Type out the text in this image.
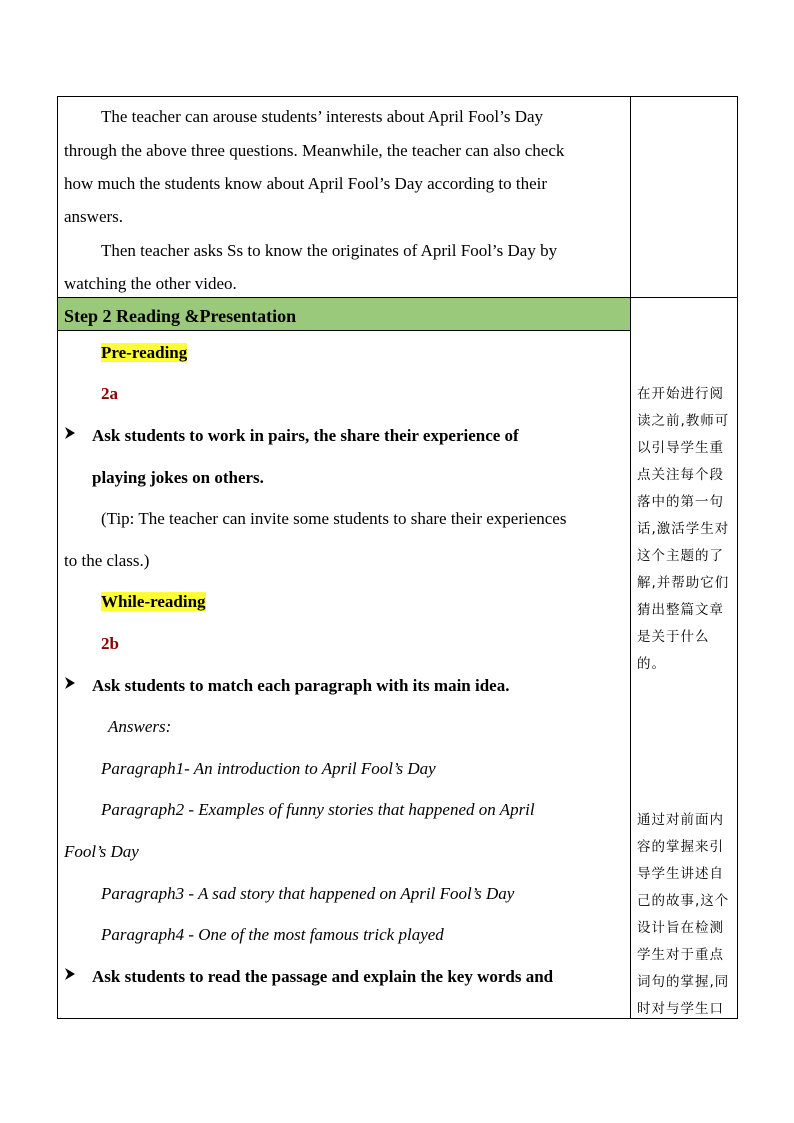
The teacher can arouse students’ interests about April Fool’s Day
through the above three questions. Meanwhile, the teacher can also check
how much the students know about April Fool’s Day according to their
answers.
Then teacher asks Ss to know the originates of April Fool’s Day by
watching the other video.
Step 2 Reading &Presentation
Pre-reading
2a
Ask students to work in pairs, the share their experience of
playing jokes on others.
(Tip: The teacher can invite some students to share their experiences
to the class.)
While-reading
2b
Ask students to match each paragraph with its main idea.
Answers:
Paragraph1- An introduction to April Fool’s Day
Paragraph2 - Examples of funny stories that happened on April
Fool’s Day
Paragraph3 - A sad story that happened on April Fool’s Day
Paragraph4 - One of the most famous trick played
Ask students to read the passage and explain the key words and
在开始进行阅读之前,教师可以引导学生重点关注每个段落中的第一句话,激活学生对这个主题的了解,并帮助它们猜出整篇文章是关于什么的。
通过对前面内容的掌握来引导学生讲述自己的故事,这个设计旨在检测学生对于重点词句的掌握,同时对与学生口
